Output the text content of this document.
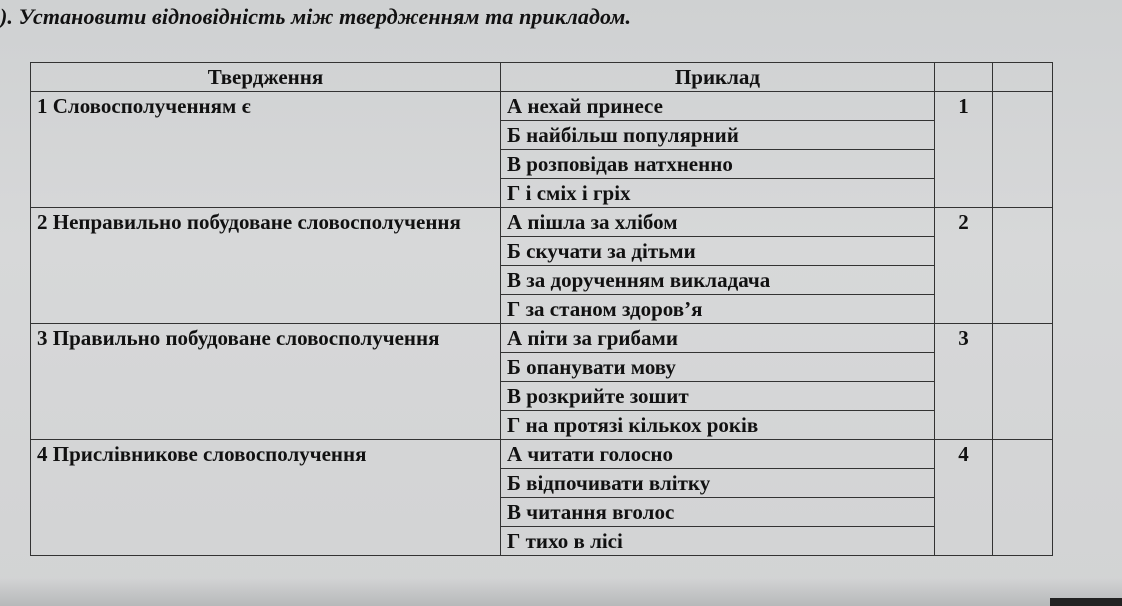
). Установити відповідність між твердженням та прикладом.
Твердження	Приклад		
1 Словосполученням є	А нехай принесе	1	
	Б найбільш популярний		
	В розповідав натхненно		
	Г і сміх і гріх		
2 Неправильно побудоване словосполучення	А пішла за хлібом	2	
	Б скучати за дітьми		
	В за дорученням викладача		
	Г за станом здоров’я		
3 Правильно побудоване словосполучення	А піти за грибами	3	
	Б опанувати мову		
	В розкрийте зошит		
	Г на протязі кількох років		
4 Прислівникове словосполучення	А читати голосно	4	
	Б відпочивати влітку		
	В читання вголос		
	Г тихо в лісі		
